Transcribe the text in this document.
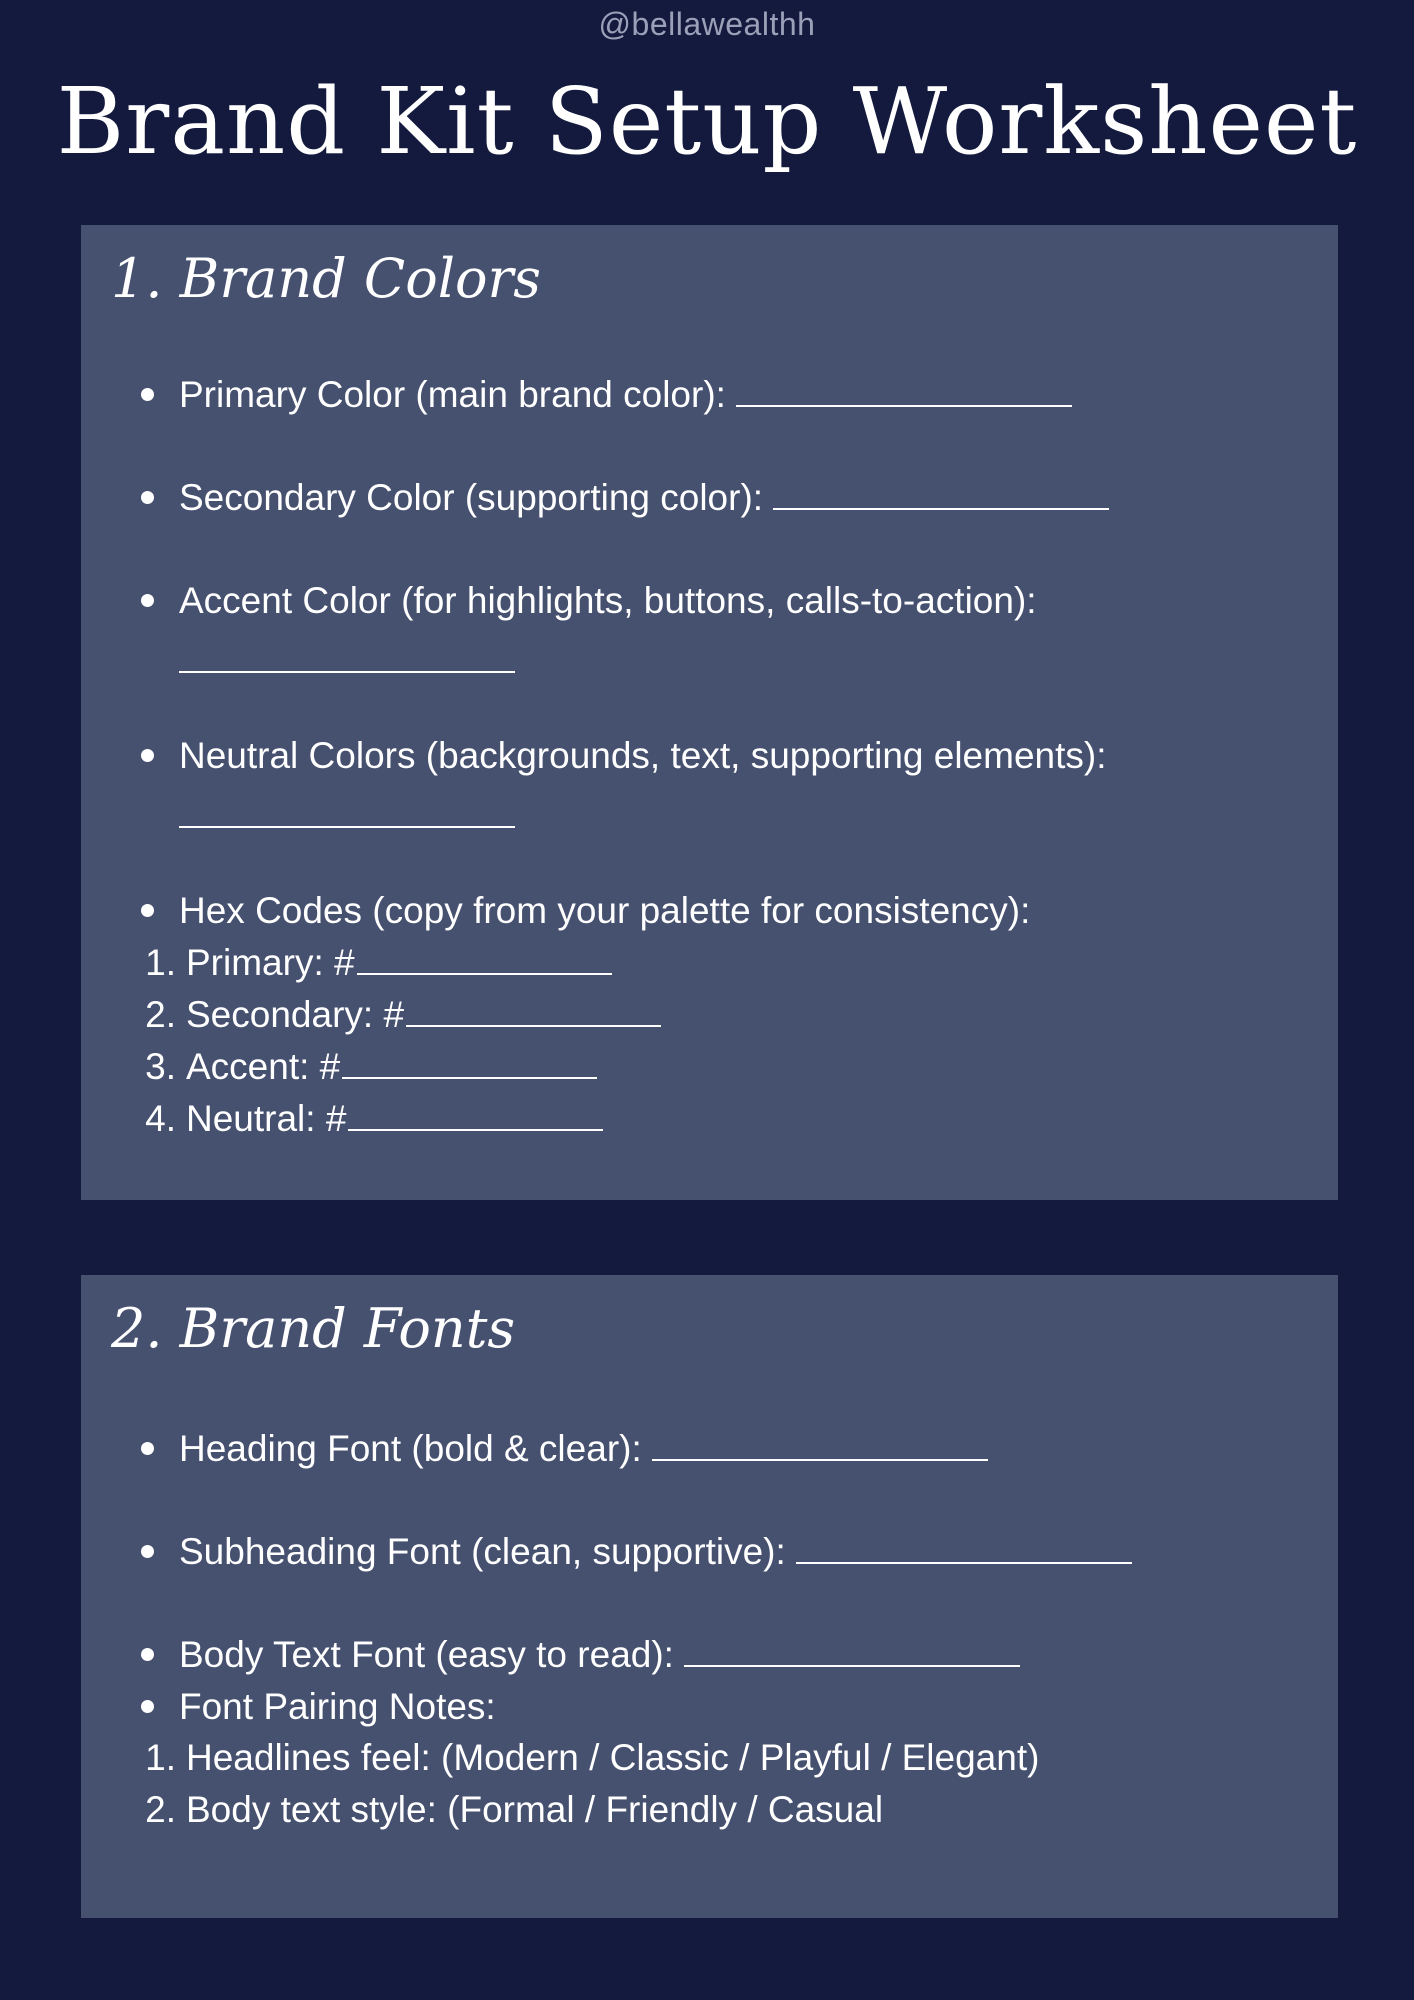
@bellawealthh
Brand Kit Setup Worksheet
1. Brand Colors
Primary Color (main brand color):
Secondary Color (supporting color):
Accent Color (for highlights, buttons, calls-to-action):
Neutral Colors (backgrounds, text, supporting elements):
Hex Codes (copy from your palette for consistency):
1. Primary: #
2. Secondary: #
3. Accent: #
4. Neutral: #
2. Brand Fonts
Heading Font (bold & clear):
Subheading Font (clean, supportive):
Body Text Font (easy to read):
Font Pairing Notes:
1. Headlines feel: (Modern / Classic / Playful / Elegant)
2. Body text style: (Formal / Friendly / Casual
